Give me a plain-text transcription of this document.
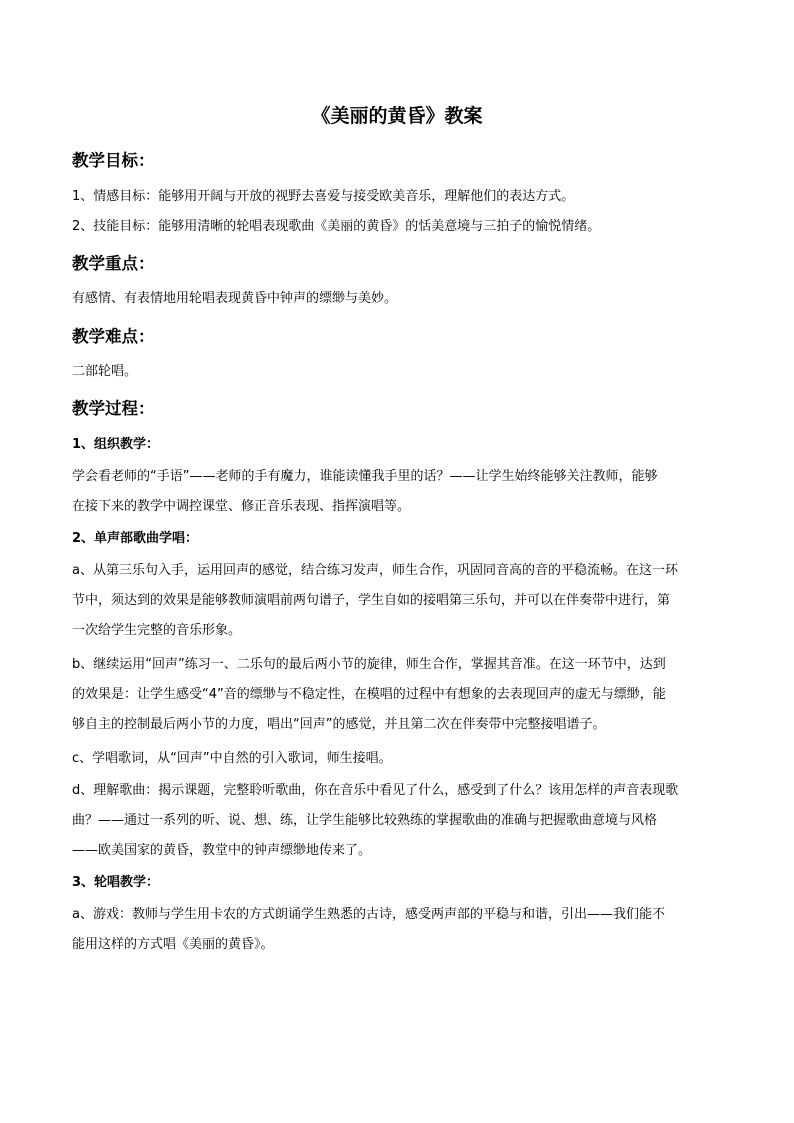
《美丽的黄昏》教案
教学目标：

1、情感目标：能够用开阔与开放的视野去喜爱与接受欧美音乐，理解他们的表达方式。

2、技能目标：能够用清晰的轮唱表现歌曲《美丽的黄昏》的恬美意境与三拍子的愉悦情绪。

教学重点：

有感情、有表情地用轮唱表现黄昏中钟声的缥缈与美妙。

教学难点：

二部轮唱。

教学过程：
1、组织教学：

学会看老师的“手语”——老师的手有魔力，谁能读懂我手里的话？——让学生始终能够关注教师，能够
在接下来的教学中调控课堂、修正音乐表现、指挥演唱等。

2、单声部歌曲学唱：

a、从第三乐句入手，运用回声的感觉，结合练习发声，师生合作，巩固同音高的音的平稳流畅。在这一环
节中，须达到的效果是能够教师演唱前两句谱子，学生自如的接唱第三乐句，并可以在伴奏带中进行，第
一次给学生完整的音乐形象。

b、继续运用“回声”练习一、二乐句的最后两小节的旋律，师生合作，掌握其音准。在这一环节中，达到
的效果是：让学生感受“4”音的缥缈与不稳定性，在模唱的过程中有想象的去表现回声的虚无与缥缈，能
够自主的控制最后两小节的力度，唱出“回声”的感觉，并且第二次在伴奏带中完整接唱谱子。

c、学唱歌词，从“回声”中自然的引入歌词，师生接唱。

d、理解歌曲：揭示课题，完整聆听歌曲，你在音乐中看见了什么，感受到了什么？该用怎样的声音表现歌
曲？——通过一系列的听、说、想、练，让学生能够比较熟练的掌握歌曲的准确与把握歌曲意境与风格
——欧美国家的黄昏，教堂中的钟声缥缈地传来了。

3、轮唱教学：

a、游戏：教师与学生用卡农的方式朗诵学生熟悉的古诗，感受两声部的平稳与和谐，引出——我们能不
能用这样的方式唱《美丽的黄昏》。
